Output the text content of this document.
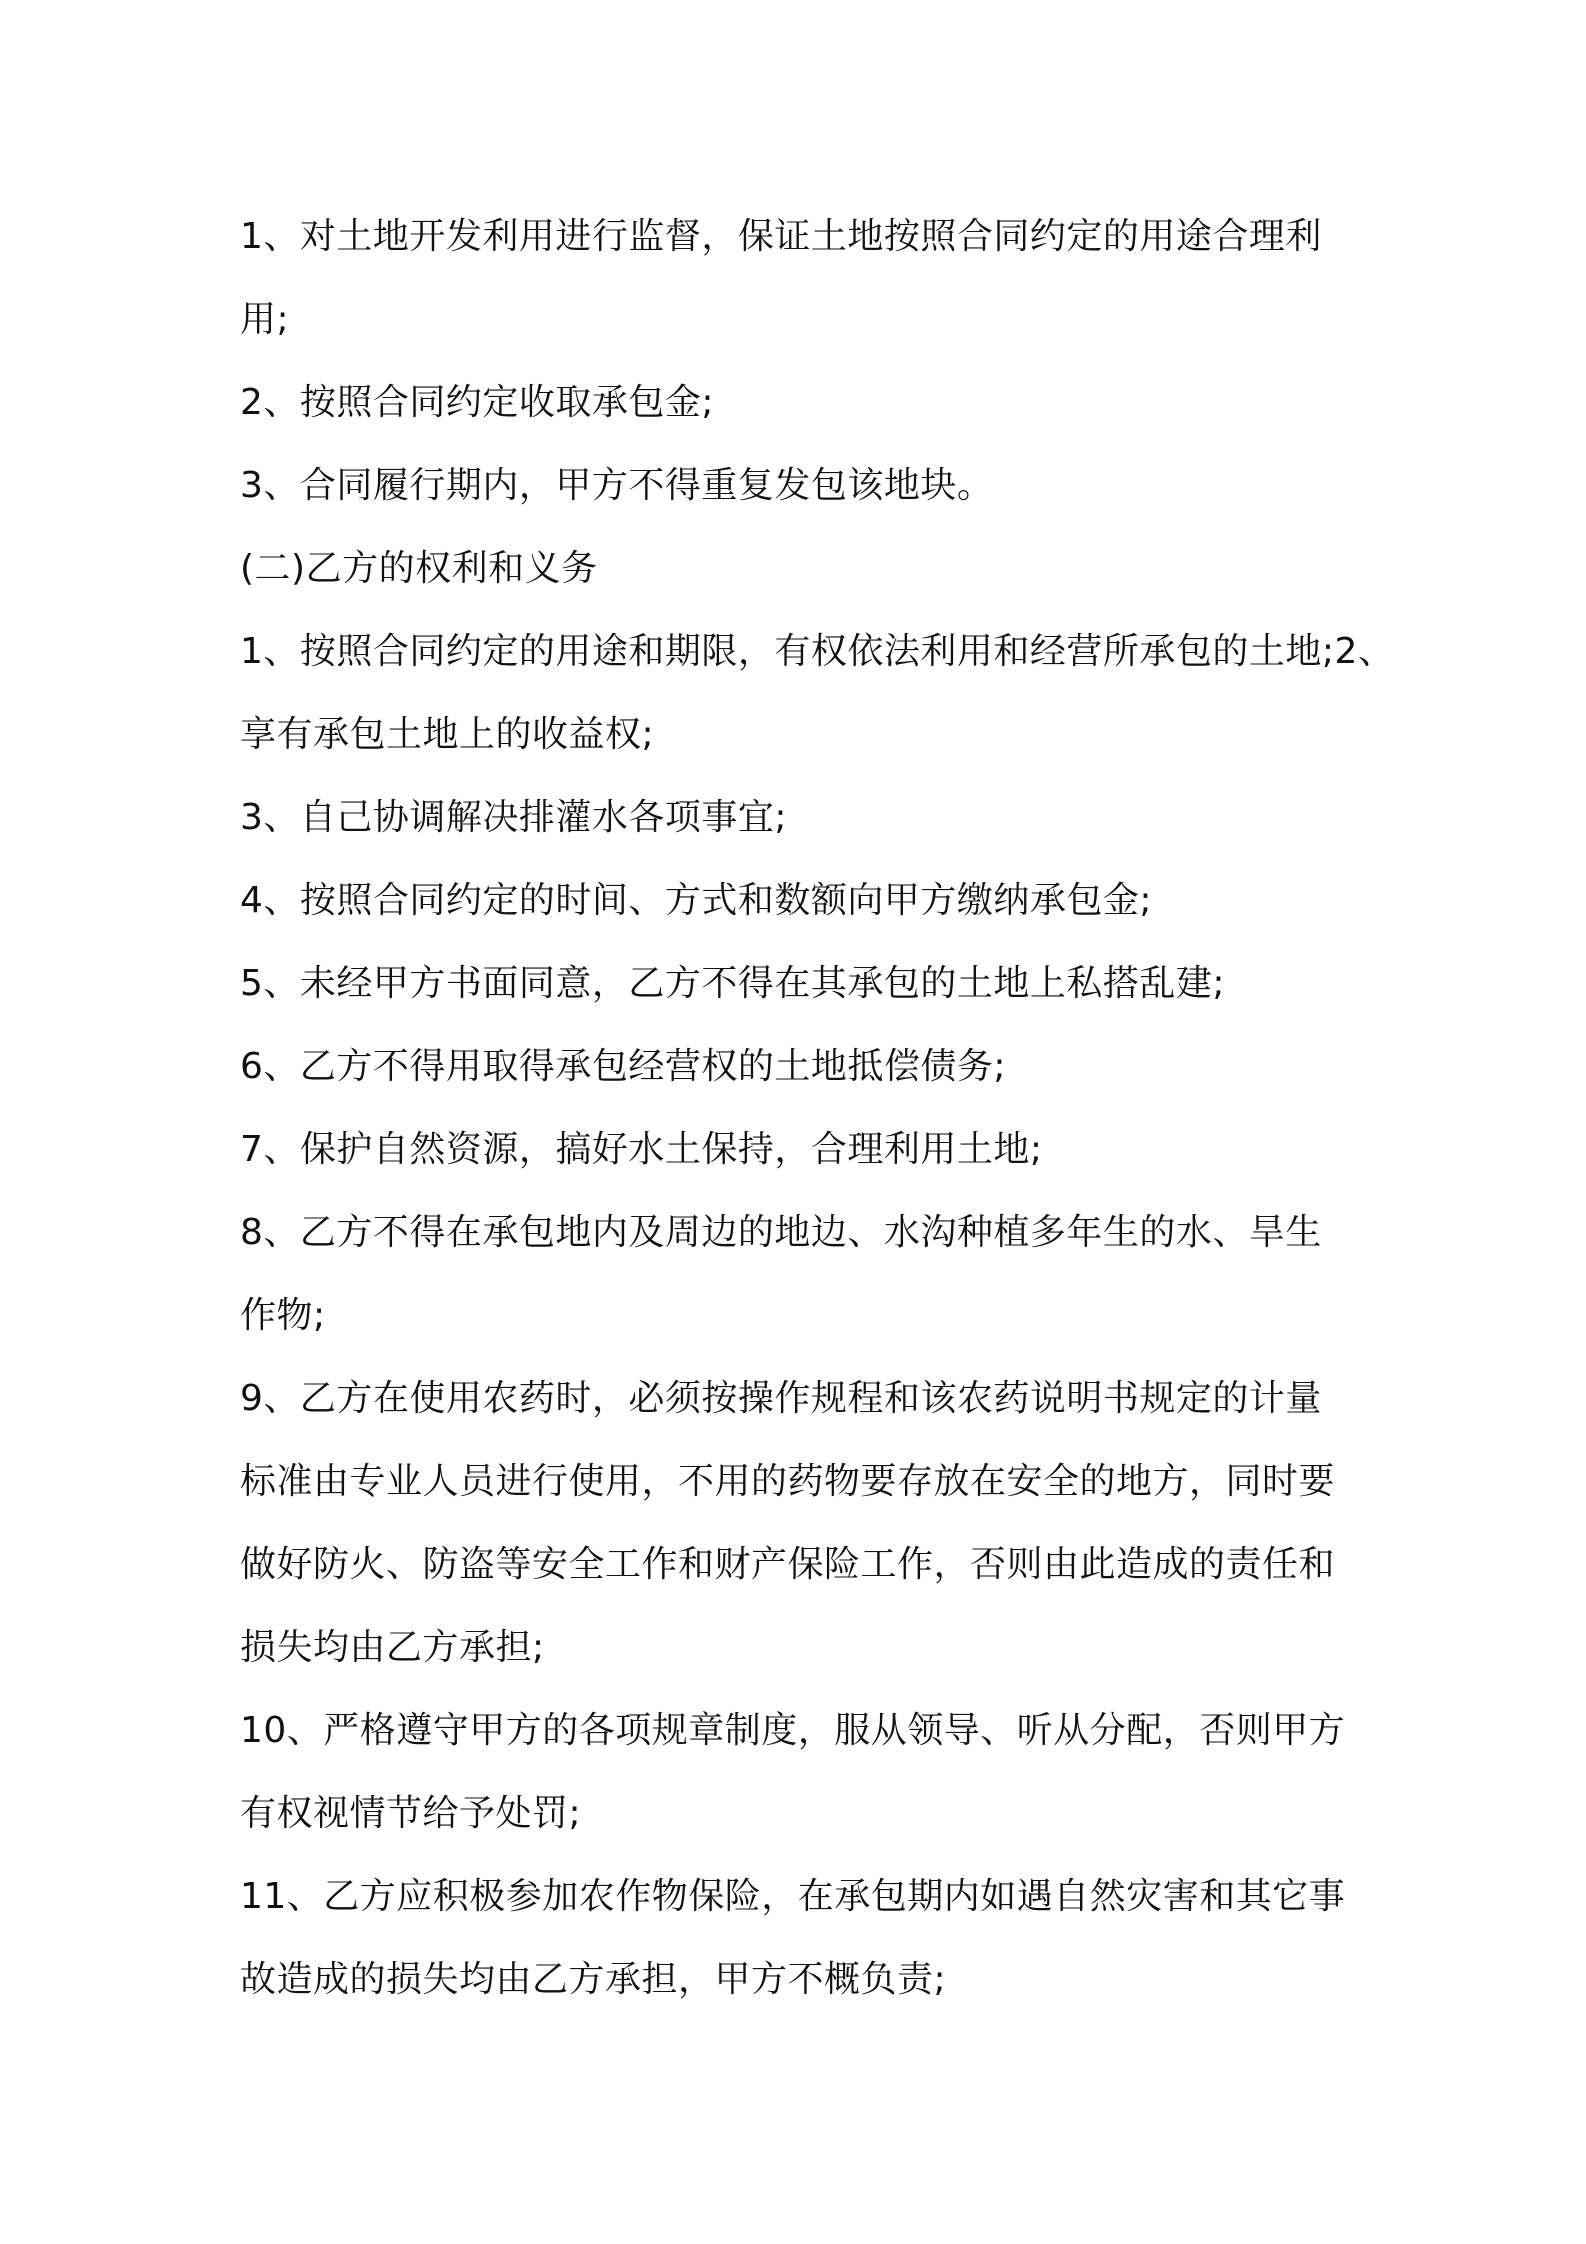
1、对土地开发利用进行监督，保证土地按照合同约定的用途合理利
用;
2、按照合同约定收取承包金;
3、合同履行期内，甲方不得重复发包该地块。
(二)乙方的权利和义务
1、按照合同约定的用途和期限，有权依法利用和经营所承包的土地;2、
享有承包土地上的收益权;
3、自己协调解决排灌水各项事宜;
4、按照合同约定的时间、方式和数额向甲方缴纳承包金;
5、未经甲方书面同意，乙方不得在其承包的土地上私搭乱建;
6、乙方不得用取得承包经营权的土地抵偿债务;
7、保护自然资源，搞好水土保持，合理利用土地;
8、乙方不得在承包地内及周边的地边、水沟种植多年生的水、旱生
作物;
9、乙方在使用农药时，必须按操作规程和该农药说明书规定的计量
标准由专业人员进行使用，不用的药物要存放在安全的地方，同时要
做好防火、防盗等安全工作和财产保险工作，否则由此造成的责任和
损失均由乙方承担;
10、严格遵守甲方的各项规章制度，服从领导、听从分配，否则甲方
有权视情节给予处罚;
11、乙方应积极参加农作物保险，在承包期内如遇自然灾害和其它事
故造成的损失均由乙方承担，甲方不概负责;
